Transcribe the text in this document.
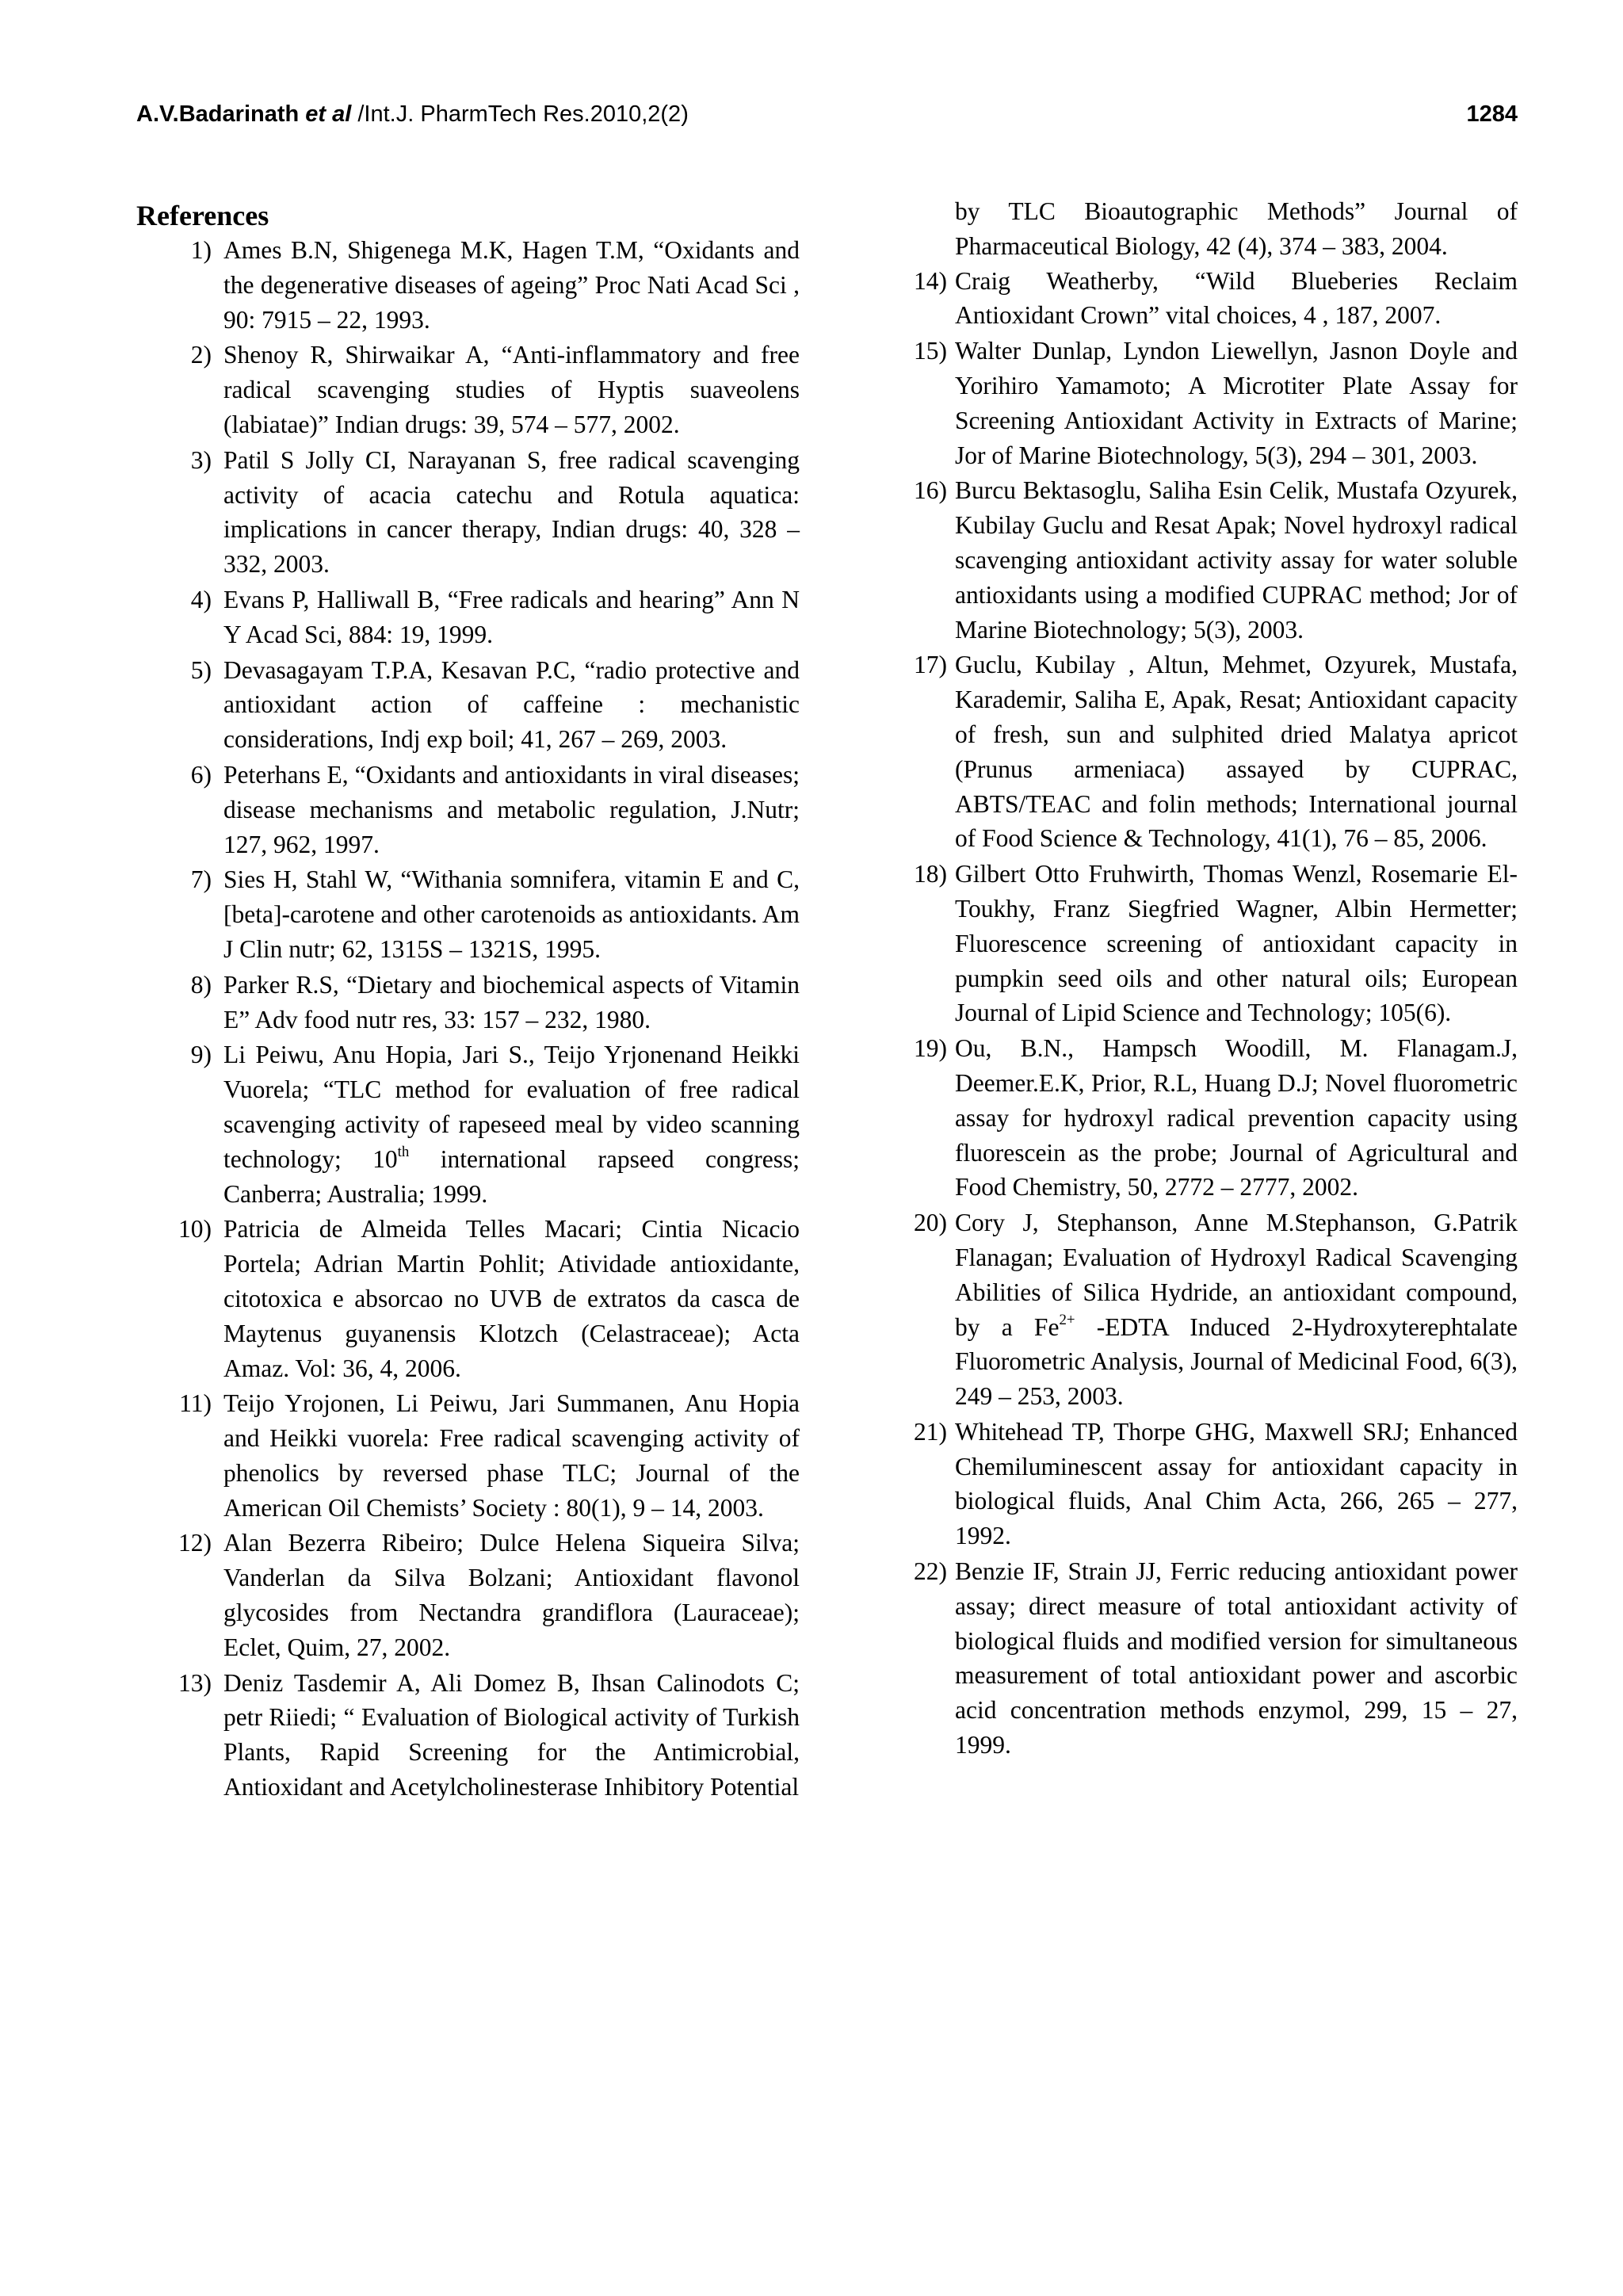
A.V.Badarinath et al /Int.J. PharmTech Res.2010,2(2)	1284
References
1) Ames B.N, Shigenega M.K, Hagen T.M, “Oxidants and the degenerative diseases of ageing” Proc Nati Acad Sci , 90: 7915 – 22, 1993.
2) Shenoy R, Shirwaikar A, “Anti-inflammatory and free radical scavenging studies of Hyptis suaveolens (labiatae)” Indian drugs: 39, 574 – 577, 2002.
3) Patil S Jolly CI, Narayanan S, free radical scavenging activity of acacia catechu and Rotula aquatica: implications in cancer therapy, Indian drugs: 40, 328 – 332, 2003.
4) Evans P, Halliwall B, “Free radicals and hearing” Ann N Y Acad Sci, 884: 19, 1999.
5) Devasagayam T.P.A, Kesavan P.C, “radio protective and antioxidant action of caffeine : mechanistic considerations, Indj exp boil; 41, 267 – 269, 2003.
6) Peterhans E, “Oxidants and antioxidants in viral diseases; disease mechanisms and metabolic regulation, J.Nutr; 127, 962, 1997.
7) Sies H, Stahl W, “Withania somnifera, vitamin E and C, [beta]-carotene and other carotenoids as antioxidants. Am J Clin nutr; 62, 1315S – 1321S, 1995.
8) Parker R.S, “Dietary and biochemical aspects of Vitamin E” Adv food nutr res, 33: 157 – 232, 1980.
9) Li Peiwu, Anu Hopia, Jari S., Teijo Yrjonenand Heikki Vuorela; “TLC method for evaluation of free radical scavenging activity of rapeseed meal by video scanning technology; 10th international rapseed congress; Canberra; Australia; 1999.
10) Patricia de Almeida Telles Macari; Cintia Nicacio Portela; Adrian Martin Pohlit; Atividade antioxidante, citotoxica e absorcao no UVB de extratos da casca de Maytenus guyanensis Klotzch (Celastraceae); Acta Amaz. Vol: 36, 4, 2006.
11) Teijo Yrojonen, Li Peiwu, Jari Summanen, Anu Hopia and Heikki vuorela: Free radical scavenging activity of phenolics by reversed phase TLC; Journal of the American Oil Chemists’ Society : 80(1), 9 – 14, 2003.
12) Alan Bezerra Ribeiro; Dulce Helena Siqueira Silva; Vanderlan da Silva Bolzani; Antioxidant flavonol glycosides from Nectandra grandiflora (Lauraceae); Eclet, Quim, 27, 2002.
13) Deniz Tasdemir A, Ali Domez B, Ihsan Calinodots C; petr Riiedi; “ Evaluation of Biological activity of Turkish Plants, Rapid Screening for the Antimicrobial, Antioxidant and Acetylcholinesterase Inhibitory Potential
by TLC Bioautographic Methods” Journal of Pharmaceutical Biology, 42 (4), 374 – 383, 2004.
14) Craig Weatherby, “Wild Blueberies Reclaim Antioxidant Crown” vital choices, 4 , 187, 2007.
15) Walter Dunlap, Lyndon Liewellyn, Jasnon Doyle and Yorihiro Yamamoto; A Microtiter Plate Assay for Screening Antioxidant Activity in Extracts of Marine; Jor of Marine Biotechnology, 5(3), 294 – 301, 2003.
16) Burcu Bektasoglu, Saliha Esin Celik, Mustafa Ozyurek, Kubilay Guclu and Resat Apak; Novel hydroxyl radical scavenging antioxidant activity assay for water soluble antioxidants using a modified CUPRAC method; Jor of Marine Biotechnology; 5(3), 2003.
17) Guclu, Kubilay , Altun, Mehmet, Ozyurek, Mustafa, Karademir, Saliha E, Apak, Resat; Antioxidant capacity of fresh, sun and sulphited dried Malatya apricot (Prunus armeniaca) assayed by CUPRAC, ABTS/TEAC and folin methods; International journal of Food Science & Technology, 41(1), 76 – 85, 2006.
18) Gilbert Otto Fruhwirth, Thomas Wenzl, Rosemarie El-Toukhy, Franz Siegfried Wagner, Albin Hermetter; Fluorescence screening of antioxidant capacity in pumpkin seed oils and other natural oils; European Journal of Lipid Science and Technology; 105(6).
19) Ou, B.N., Hampsch Woodill, M. Flanagam.J, Deemer.E.K, Prior, R.L, Huang D.J; Novel fluorometric assay for hydroxyl radical prevention capacity using fluorescein as the probe; Journal of Agricultural and Food Chemistry, 50, 2772 – 2777, 2002.
20) Cory J, Stephanson, Anne M.Stephanson, G.Patrik Flanagan; Evaluation of Hydroxyl Radical Scavenging Abilities of Silica Hydride, an antioxidant compound, by a $Fe^{2+}$ -EDTA Induced 2-Hydroxyterephtalate Fluorometric Analysis, Journal of Medicinal Food, 6(3), 249 – 253, 2003.
21) Whitehead TP, Thorpe GHG, Maxwell SRJ; Enhanced Chemiluminescent assay for antioxidant capacity in biological fluids, Anal Chim Acta, 266, 265 – 277, 1992.
22) Benzie IF, Strain JJ, Ferric reducing antioxidant power assay; direct measure of total antioxidant activity of biological fluids and modified version for simultaneous measurement of total antioxidant power and ascorbic acid concentration methods enzymol, 299, 15 – 27, 1999.
